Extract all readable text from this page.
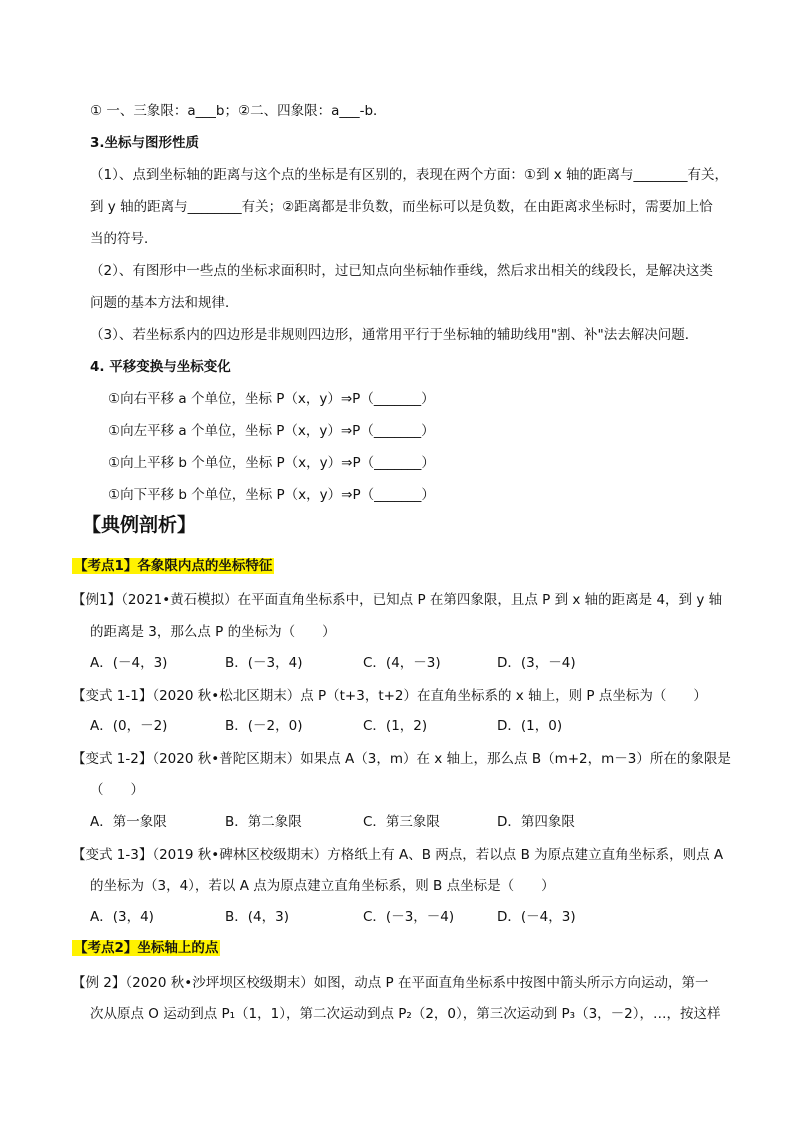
① 一、三象限：a___b；②二、四象限：a___-b．
3.坐标与图形性质
（1）、点到坐标轴的距离与这个点的坐标是有区别的，表现在两个方面：①到 x 轴的距离与________有关，
到 y 轴的距离与________有关；②距离都是非负数，而坐标可以是负数，在由距离求坐标时，需要加上恰
当的符号．
（2）、有图形中一些点的坐标求面积时，过已知点向坐标轴作垂线，然后求出相关的线段长，是解决这类
问题的基本方法和规律．
（3）、若坐标系内的四边形是非规则四边形，通常用平行于坐标轴的辅助线用"割、补"法去解决问题．
4. 平移变换与坐标变化
①向右平移 a 个单位，坐标 P（x，y）⇒P（_______）
①向左平移 a 个单位，坐标 P（x，y）⇒P（_______）
①向上平移 b 个单位，坐标 P（x，y）⇒P（_______）
①向下平移 b 个单位，坐标 P（x，y）⇒P（_______）
【典例剖析】
【考点1】各象限内点的坐标特征
【例1】（2021•黄石模拟）在平面直角坐标系中，已知点 P 在第四象限，且点 P 到 x 轴的距离是 4，到 y 轴
的距离是 3，那么点 P 的坐标为（　　）
A．(－4，3)	B．(－3，4)	C．(4，－3)	D．(3，－4)
【变式 1-1】（2020 秋•松北区期末）点 P（t+3，t+2）在直角坐标系的 x 轴上，则 P 点坐标为（　　）
A．(0，－2)	B．(－2，0)	C．(1，2)	D．(1，0)
【变式 1-2】（2020 秋•普陀区期末）如果点 A（3，m）在 x 轴上，那么点 B（m+2，m－3）所在的象限是
（　　）
A．第一象限	B．第二象限	C．第三象限	D．第四象限
【变式 1-3】（2019 秋•碑林区校级期末）方格纸上有 A、B 两点，若以点 B 为原点建立直角坐标系，则点 A
的坐标为（3，4），若以 A 点为原点建立直角坐标系，则 B 点坐标是（　　）
A．(3，4)	B．(4，3)	C．(－3，－4)	D．(－4，3)
【考点2】坐标轴上的点
【例 2】（2020 秋•沙坪坝区校级期末）如图，动点 P 在平面直角坐标系中按图中箭头所示方向运动，第一
次从原点 O 运动到点 P₁（1，1），第二次运动到点 P₂（2，0），第三次运动到 P₃（3，－2），…，按这样
